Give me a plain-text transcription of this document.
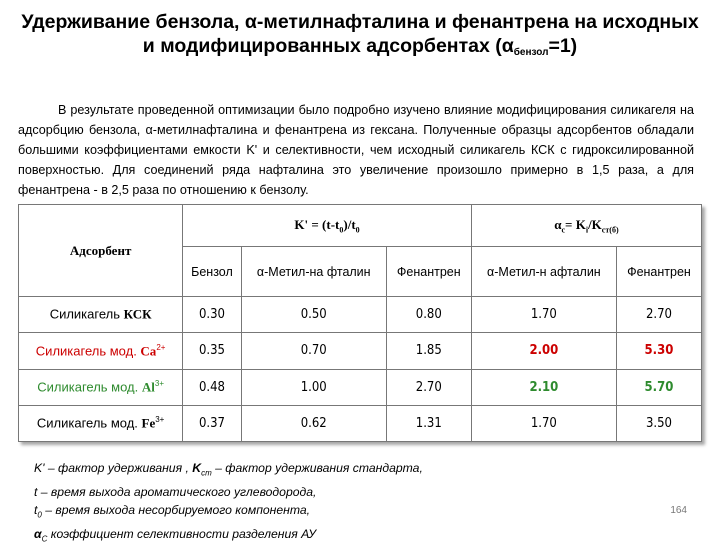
Удерживание бензола, α-метилнафталина и фенантрена на исходных
и модифицированных адсорбентах $(\alpha_{бензол}=1)$
В результате проведенной оптимизации было подробно изучено влияние модифицирования силикагеля на адсорбцию бензола, α-метилнафталина и фенантрена из гексана. Полученные образцы адсорбентов обладали большими коэффициентами емкости K' и селективности, чем исходный силикагель КСК с гидроксилированной поверхностью. Для соединений ряда нафталина это увеличение произошло примерно в 1,5 раза, а для фенантрена - в 2,5 раза по отношению к бензолу.
Адсорбент	$K' = (t-t_0)/t_0$			$\alpha_c= K_i/K_{ст(б)}$
	Бензол	α-Метил-на фталин	Фенантрен	α-Метил-н афталин	Фенантрен
Силикагель КСК	0.30	0.50	0.80	1.70	2.70
Силикагель мод. $Ca^{2+}$	0.35	0.70	1.85	2.00	5.30
Силикагель мод. $Al^{3+}$	0.48	1.00	2.70	2.10	5.70
Силикагель мод. $Fe^{3+}$	0.37	0.62	1.31	1.70	3.50
K' – фактор удерживания , $K_{ст}$ – фактор удерживания стандарта,
t – время выхода ароматического углеводорода,
$t_0$ – время выхода несорбируемого компонента,
$\alpha_С$ коэффициент селективности разделения АУ
164
